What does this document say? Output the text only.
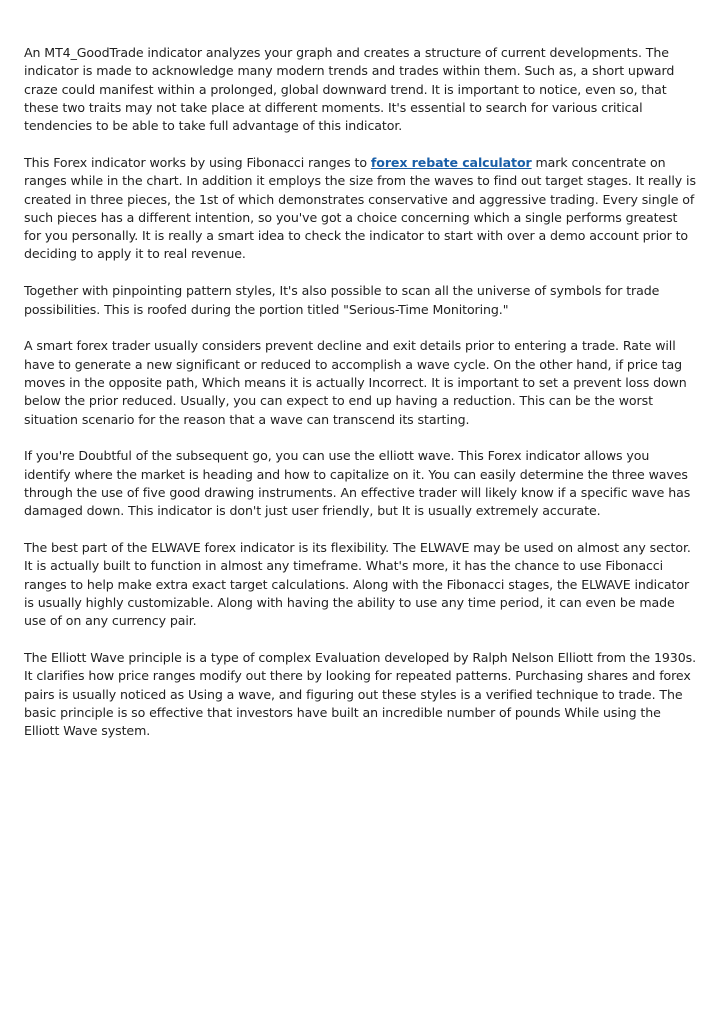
An MT4_GoodTrade indicator analyzes your graph and creates a structure of current developments. The indicator is made to acknowledge many modern trends and trades within them. Such as, a short upward craze could manifest within a prolonged, global downward trend. It is important to notice, even so, that these two traits may not take place at different moments. It's essential to search for various critical tendencies to be able to take full advantage of this indicator.

This Forex indicator works by using Fibonacci ranges to forex rebate calculator mark concentrate on ranges while in the chart. In addition it employs the size from the waves to find out target stages. It really is created in three pieces, the 1st of which demonstrates conservative and aggressive trading. Every single of such pieces has a different intention, so you've got a choice concerning which a single performs greatest for you personally. It is really a smart idea to check the indicator to start with over a demo account prior to deciding to apply it to real revenue.

Together with pinpointing pattern styles, It's also possible to scan all the universe of symbols for trade possibilities. This is roofed during the portion titled "Serious-Time Monitoring."

A smart forex trader usually considers prevent decline and exit details prior to entering a trade. Rate will have to generate a new significant or reduced to accomplish a wave cycle. On the other hand, if price tag moves in the opposite path, Which means it is actually Incorrect. It is important to set a prevent loss down below the prior reduced. Usually, you can expect to end up having a reduction. This can be the worst situation scenario for the reason that a wave can transcend its starting.

If you're Doubtful of the subsequent go, you can use the elliott wave. This Forex indicator allows you identify where the market is heading and how to capitalize on it. You can easily determine the three waves through the use of five good drawing instruments. An effective trader will likely know if a specific wave has damaged down. This indicator is don't just user friendly, but It is usually extremely accurate.

The best part of the ELWAVE forex indicator is its flexibility. The ELWAVE may be used on almost any sector. It is actually built to function in almost any timeframe. What's more, it has the chance to use Fibonacci ranges to help make extra exact target calculations. Along with the Fibonacci stages, the ELWAVE indicator is usually highly customizable. Along with having the ability to use any time period, it can even be made use of on any currency pair.

The Elliott Wave principle is a type of complex Evaluation developed by Ralph Nelson Elliott from the 1930s. It clarifies how price ranges modify out there by looking for repeated patterns. Purchasing shares and forex pairs is usually noticed as Using a wave, and figuring out these styles is a verified technique to trade. The basic principle is so effective that investors have built an incredible number of pounds While using the Elliott Wave system.
